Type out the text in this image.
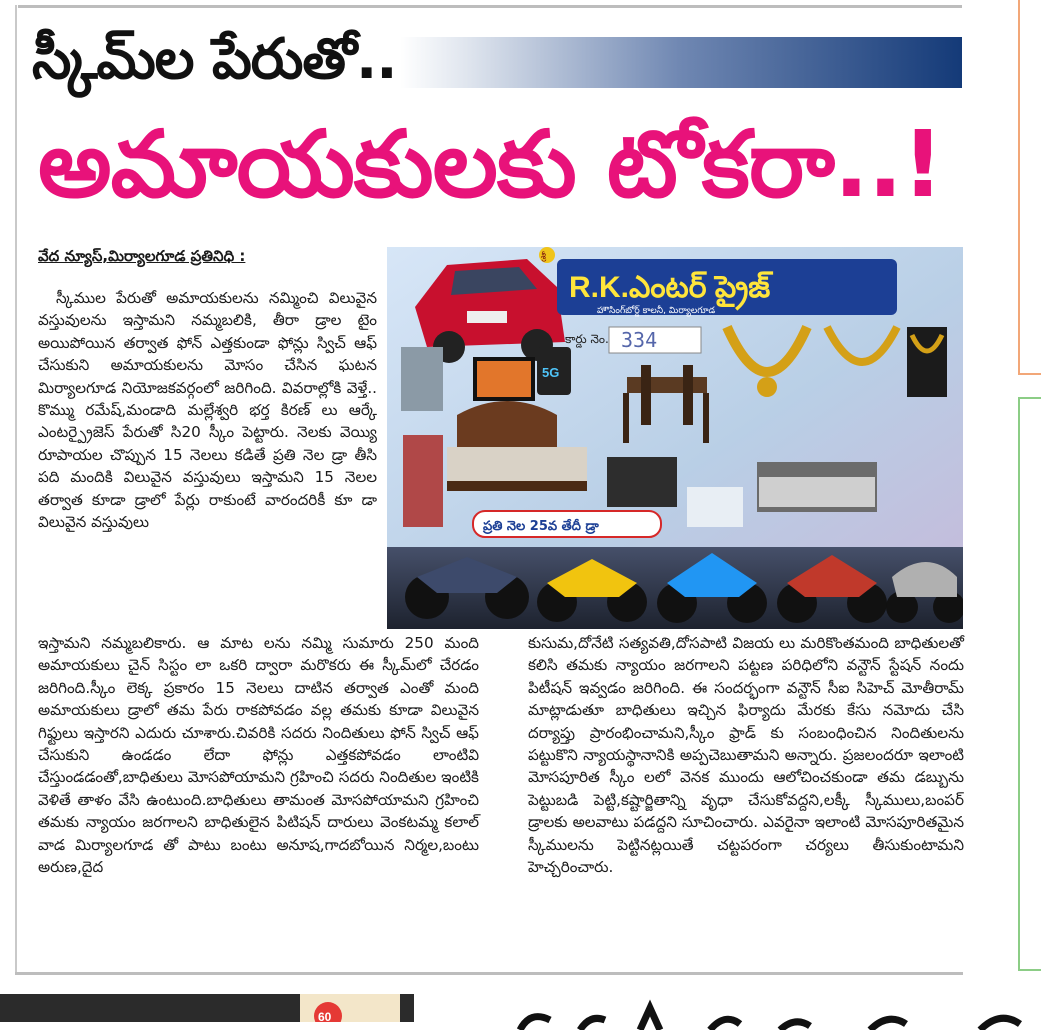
స్కీమ్‌ల పేరుతో..
అమాయకులకు టోకరా..!
వేద న్యూస్,మిర్యాలగూడ ప్రతినిధి :

స్కీముల పేరుతో అమాయకులను నమ్మించి విలువైన వస్తువులను ఇస్తామని నమ్మబలికి, తీరా డ్రాల టైం అయిపోయిన తర్వాత ఫోన్ ఎత్తకుండా ఫోన్లు స్విచ్ ఆఫ్ చేసుకుని అమాయకులను మోసం చేసిన ఘటన మిర్యాలగూడ నియోజకవర్గంలో జరిగింది. వివరాల్లోకి వెళ్తే.. కొమ్ము రమేష్,మండాది మల్లేశ్వరి భర్త కిరణ్ లు ఆర్కే ఎంటర్ప్రైజెస్ పేరుతో సి20 స్కీం పెట్టారు. నెలకు వెయ్యి రూపాయల చొప్పున 15 నెలలు కడితే ప్రతి నెల డ్రా తీసి పది మందికి విలువైన వస్తువులు ఇస్తామని 15 నెలల తర్వాత కూడా డ్రాలో పేర్లు రాకుంటే వారందరికీ కూ డా విలువైన వస్తువులు

R.K.ఎంటర్ ప్రైజ్
హౌసింగ్‌బోర్డ్ కాలనీ, మిర్యాలగూడ
శ్రీ
కార్డు నెం. 334
5G
ప్రతి నెల 25వ తేదీ డ్రా

ఇస్తామని నమ్మబలికారు. ఆ మాట లను నమ్మి సుమారు 250 మంది అమాయకులు చైన్ సిస్టం లా ఒకరి ద్వారా మరొకరు ఈ స్కీమ్‌లో చేరడం జరిగింది.స్కీం లెక్క ప్రకారం 15 నెలలు దాటిన తర్వాత ఎంతో మంది అమాయకులు డ్రాలో తమ పేరు రాకపోవడం వల్ల తమకు కూడా విలువైన గిఫ్టులు ఇస్తారని ఎదురు చూశారు.చివరికి సదరు నిందితులు ఫోన్ స్విచ్ ఆఫ్ చేసుకుని ఉండడం లేదా ఫోన్లు ఎత్తకపోవడం లాంటివి చేస్తుండడంతో,బాధితులు మోసపోయామని గ్రహించి సదరు నిందితుల ఇంటికి వెళితే తాళం వేసి ఉంటుంది.బాధితులు తామంత మోసపోయామని గ్రహించి తమకు న్యాయం జరగాలని బాధితులైన పిటిషన్ దారులు వెంకటమ్మ కలాల్ వాడ మిర్యాలగూడ తో పాటు బంటు అనూష,గాదబోయిన నిర్మల,బంటు అరుణ,దైద

కుసుమ,దోనేటి సత్యవతి,దోసపాటి విజయ లు మరికొంతమంది బాధితులతో కలిసి తమకు న్యాయం జరగాలని పట్టణ పరిధిలోని వన్టౌన్ స్టేషన్ నందు పిటీషన్ ఇవ్వడం జరిగింది. ఈ సందర్భంగా వన్టౌన్ సీఐ సిహెచ్ మోతీరామ్ మాట్లాడుతూ బాధితులు ఇచ్చిన ఫిర్యాదు మేరకు కేసు నమోదు చేసి దర్యాప్తు ప్రారంభించామని,స్కీం ఫ్రాడ్ కు సంబంధించిన నిందితులను పట్టుకొని న్యాయస్థానానికి అప్పచెబుతామని అన్నారు. ప్రజలందరూ ఇలాంటి మోసపూరిత స్కీం లలో వెనక ముందు ఆలోచించకుండా తమ డబ్బును పెట్టుబడి పెట్టి,కష్టార్జితాన్ని వృధా చేసుకోవద్దని,లక్కీ స్కీములు,బంపర్ డ్రాలకు అలవాటు పడద్దని సూచించారు. ఎవరైనా ఇలాంటి మోసపూరితమైన స్కీములను పెట్టినట్లయితే చట్టపరంగా చర్యలు తీసుకుంటామని హెచ్చరించారు.

60
